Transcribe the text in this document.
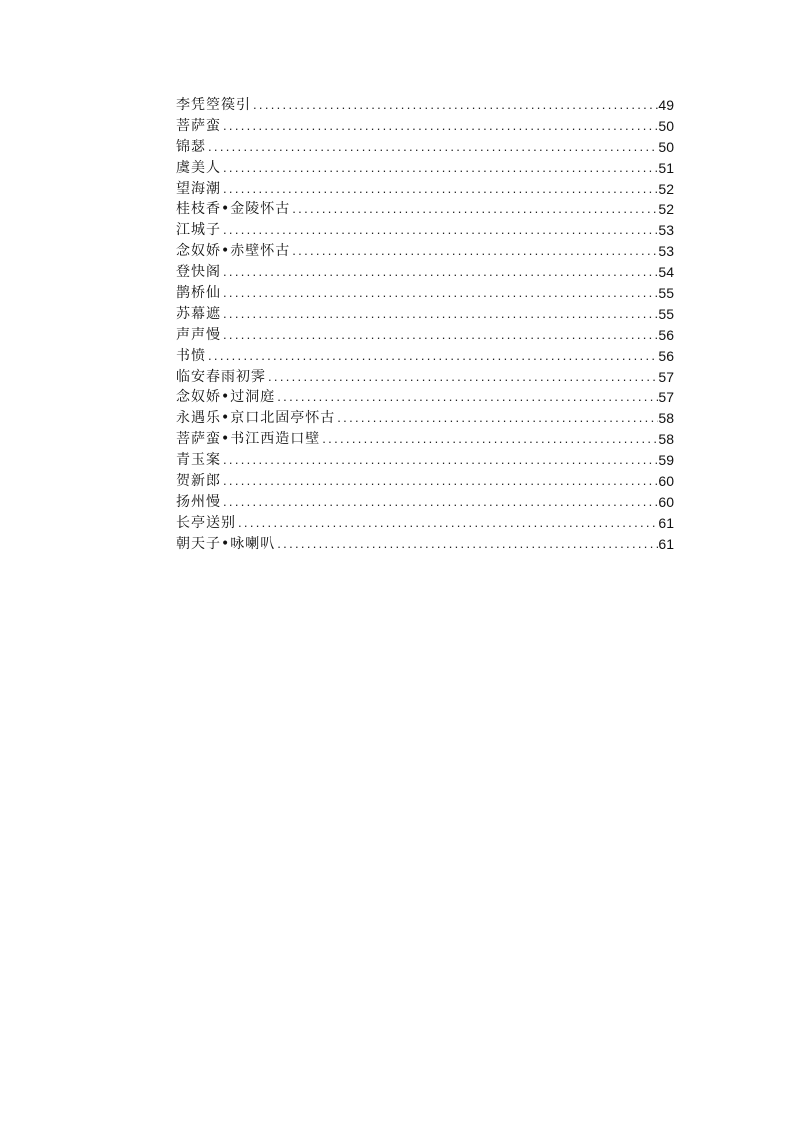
李凭箜篌引 .....	49
菩萨蛮 .....	50
锦瑟 .....	50
虞美人 .....	51
望海潮 .....	52
桂枝香•金陵怀古 .....	52
江城子 .....	53
念奴娇•赤壁怀古 .....	53
登快阁 .....	54
鹊桥仙 .....	55
苏幕遮 .....	55
声声慢 .....	56
书愤 .....	56
临安春雨初霁 .....	57
念奴娇•过洞庭 .....	57
永遇乐•京口北固亭怀古 .....	58
菩萨蛮•书江西造口壁 .....	58
青玉案 .....	59
贺新郎 .....	60
扬州慢 .....	60
长亭送别 .....	61
朝天子•咏喇叭 .....	61
